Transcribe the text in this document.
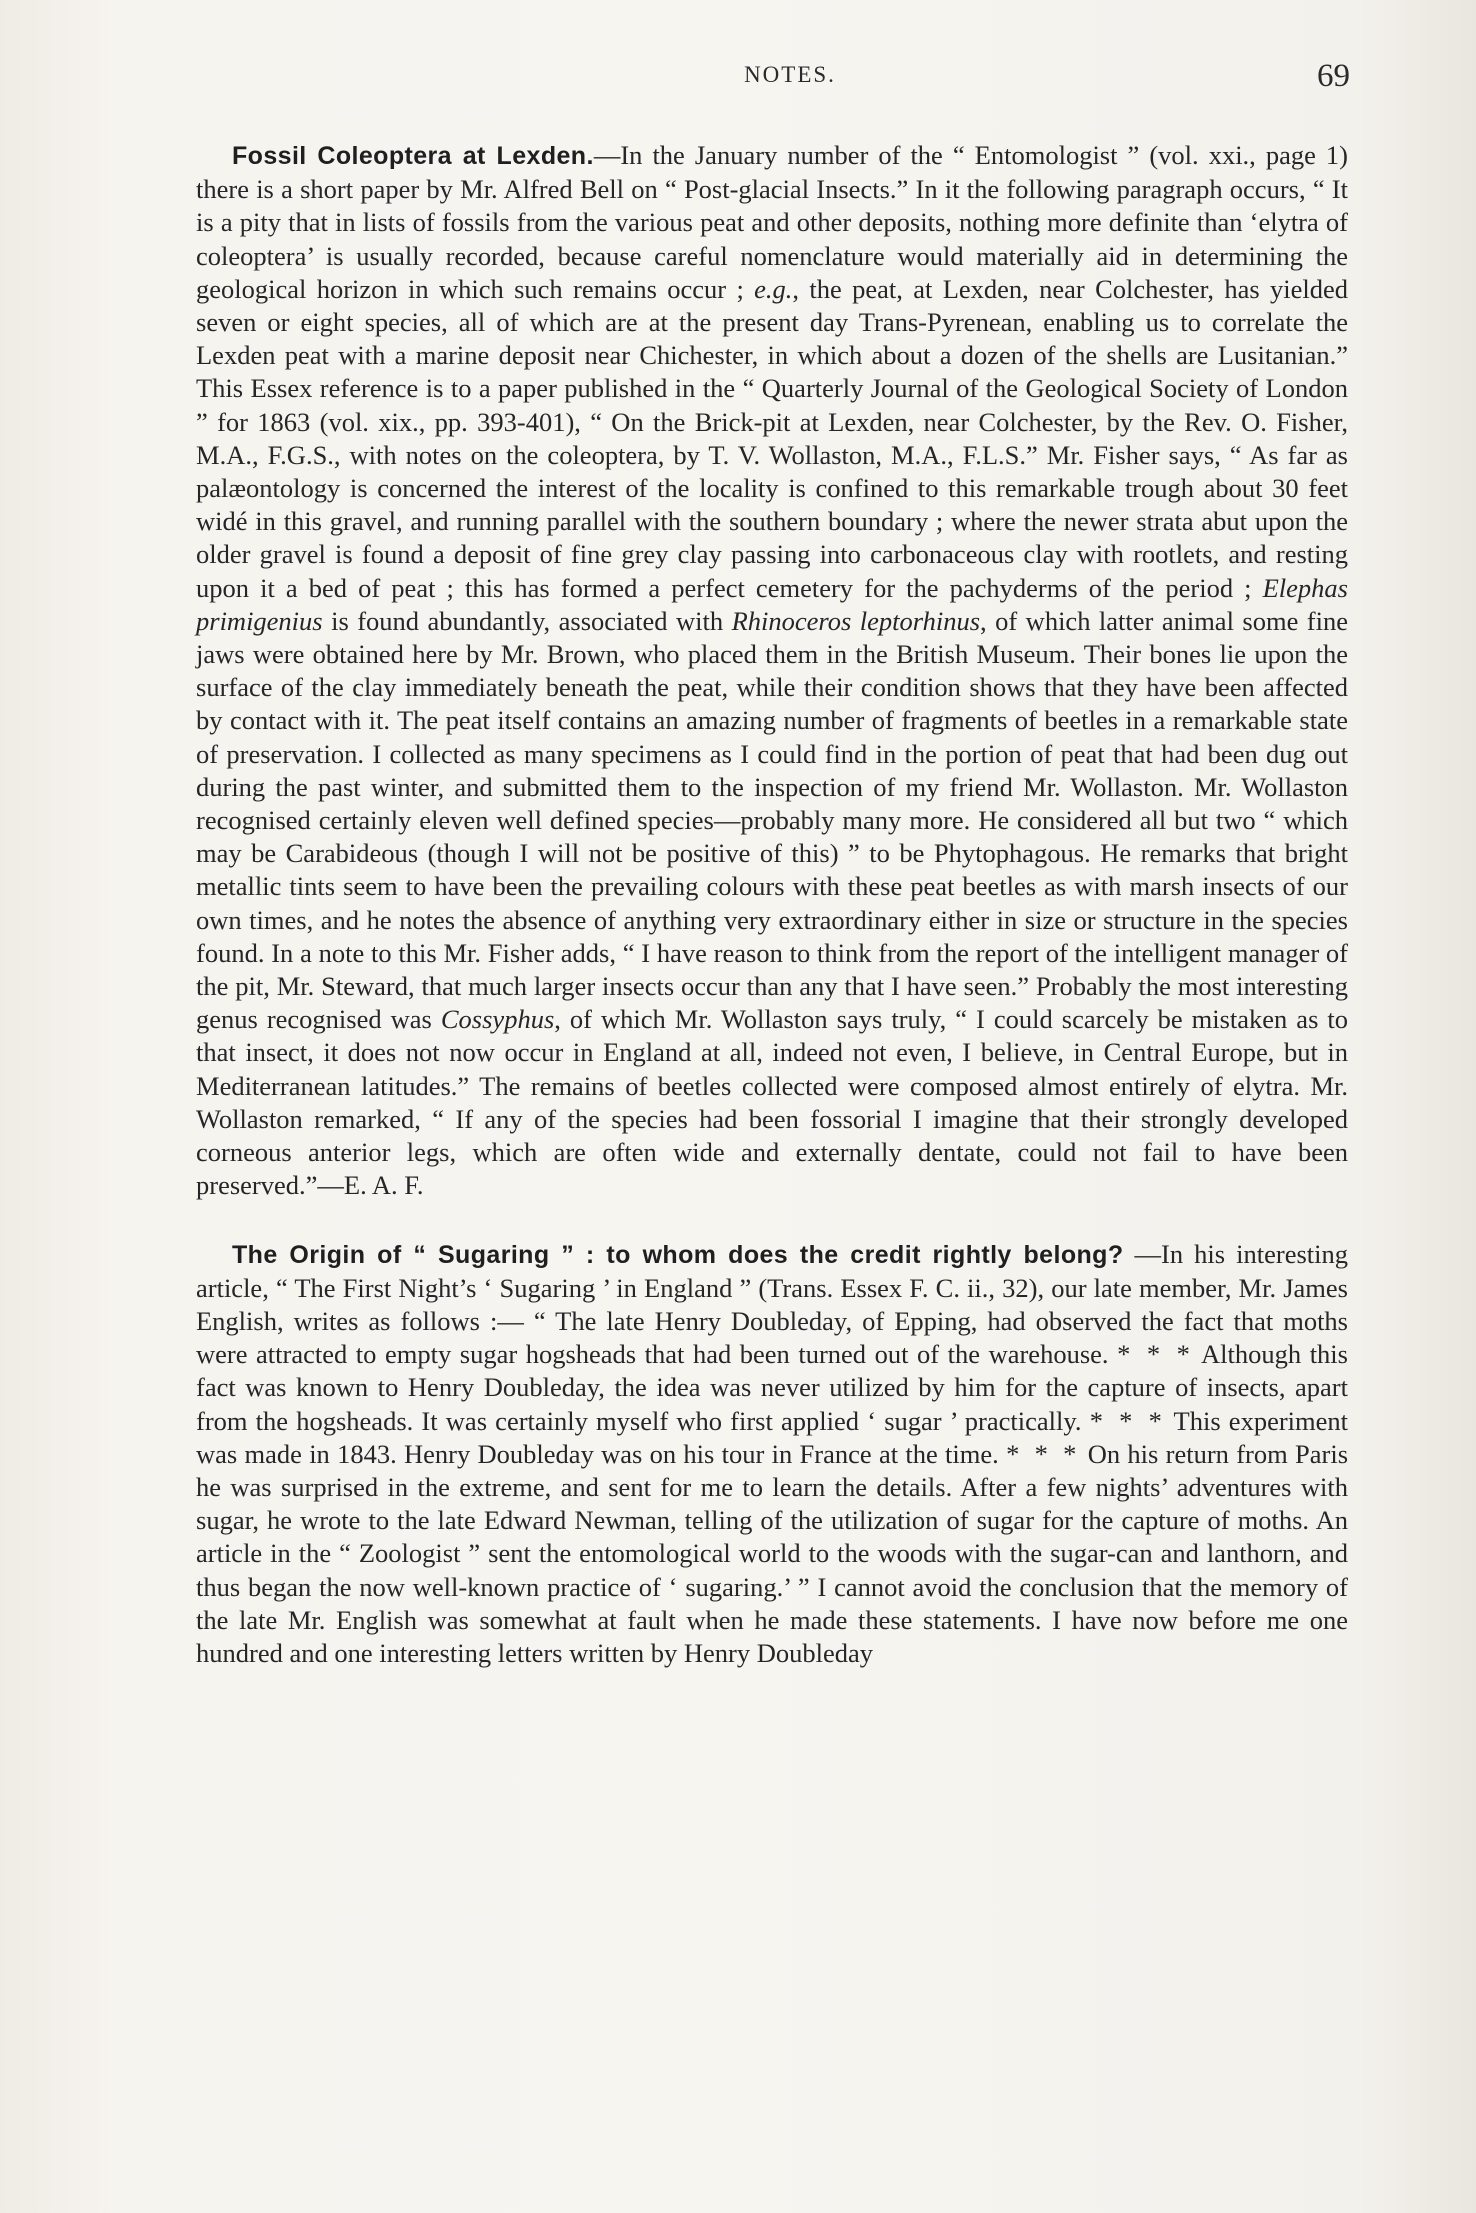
NOTES.	69

Fossil Coleoptera at Lexden.—In the January number of the “ Entomologist ” (vol. xxi., page 1) there is a short paper by Mr. Alfred Bell on “ Post-glacial Insects.” In it the following paragraph occurs, “ It is a pity that in lists of fossils from the various peat and other deposits, nothing more definite than ‘elytra of coleoptera’ is usually recorded, because careful nomenclature would materially aid in determining the geological horizon in which such remains occur ; e.g., the peat, at Lexden, near Colchester, has yielded seven or eight species, all of which are at the present day Trans-Pyrenean, enabling us to correlate the Lexden peat with a marine deposit near Chichester, in which about a dozen of the shells are Lusitanian.” This Essex reference is to a paper published in the “ Quarterly Journal of the Geological Society of London ” for 1863 (vol. xix., pp. 393-401), “ On the Brick-pit at Lexden, near Colchester, by the Rev. O. Fisher, M.A., F.G.S., with notes on the coleoptera, by T. V. Wollaston, M.A., F.L.S.” Mr. Fisher says, “ As far as palæontology is concerned the interest of the locality is confined to this remarkable trough about 30 feet widé in this gravel, and running parallel with the southern boundary ; where the newer strata abut upon the older gravel is found a deposit of fine grey clay passing into carbonaceous clay with rootlets, and resting upon it a bed of peat ; this has formed a perfect cemetery for the pachyderms of the period ; Elephas primigenius is found abundantly, associated with Rhinoceros leptorhinus, of which latter animal some fine jaws were obtained here by Mr. Brown, who placed them in the British Museum. Their bones lie upon the surface of the clay immediately beneath the peat, while their condition shows that they have been affected by contact with it. The peat itself contains an amazing number of fragments of beetles in a remarkable state of preservation. I collected as many specimens as I could find in the portion of peat that had been dug out during the past winter, and submitted them to the inspection of my friend Mr. Wollaston. Mr. Wollaston recognised certainly eleven well defined species—probably many more. He considered all but two “ which may be Carabideous (though I will not be positive of this) ” to be Phytophagous. He remarks that bright metallic tints seem to have been the prevailing colours with these peat beetles as with marsh insects of our own times, and he notes the absence of anything very extraordinary either in size or structure in the species found. In a note to this Mr. Fisher adds, “ I have reason to think from the report of the intelligent manager of the pit, Mr. Steward, that much larger insects occur than any that I have seen.” Probably the most interesting genus recognised was Cossyphus, of which Mr. Wollaston says truly, “ I could scarcely be mistaken as to that insect, it does not now occur in England at all, indeed not even, I believe, in Central Europe, but in Mediterranean latitudes.” The remains of beetles collected were composed almost entirely of elytra. Mr. Wollaston remarked, “ If any of the species had been fossorial I imagine that their strongly developed corneous anterior legs, which are often wide and externally dentate, could not fail to have been preserved.”—E. A. F.

The Origin of “ Sugaring ” : to whom does the credit rightly belong? —In his interesting article, “ The First Night’s ‘ Sugaring ’ in England ” (Trans. Essex F. C. ii., 32), our late member, Mr. James English, writes as follows :— “ The late Henry Doubleday, of Epping, had observed the fact that moths were attracted to empty sugar hogsheads that had been turned out of the warehouse. * * * Although this fact was known to Henry Doubleday, the idea was never utilized by him for the capture of insects, apart from the hogsheads. It was certainly myself who first applied ‘ sugar ’ practically. * * * This experiment was made in 1843. Henry Doubleday was on his tour in France at the time. * * * On his return from Paris he was surprised in the extreme, and sent for me to learn the details. After a few nights’ adventures with sugar, he wrote to the late Edward Newman, telling of the utilization of sugar for the capture of moths. An article in the “ Zoologist ” sent the entomological world to the woods with the sugar-can and lanthorn, and thus began the now well-known practice of ‘ sugaring.’ ” I cannot avoid the conclusion that the memory of the late Mr. English was somewhat at fault when he made these statements. I have now before me one hundred and one interesting letters written by Henry Doubleday
